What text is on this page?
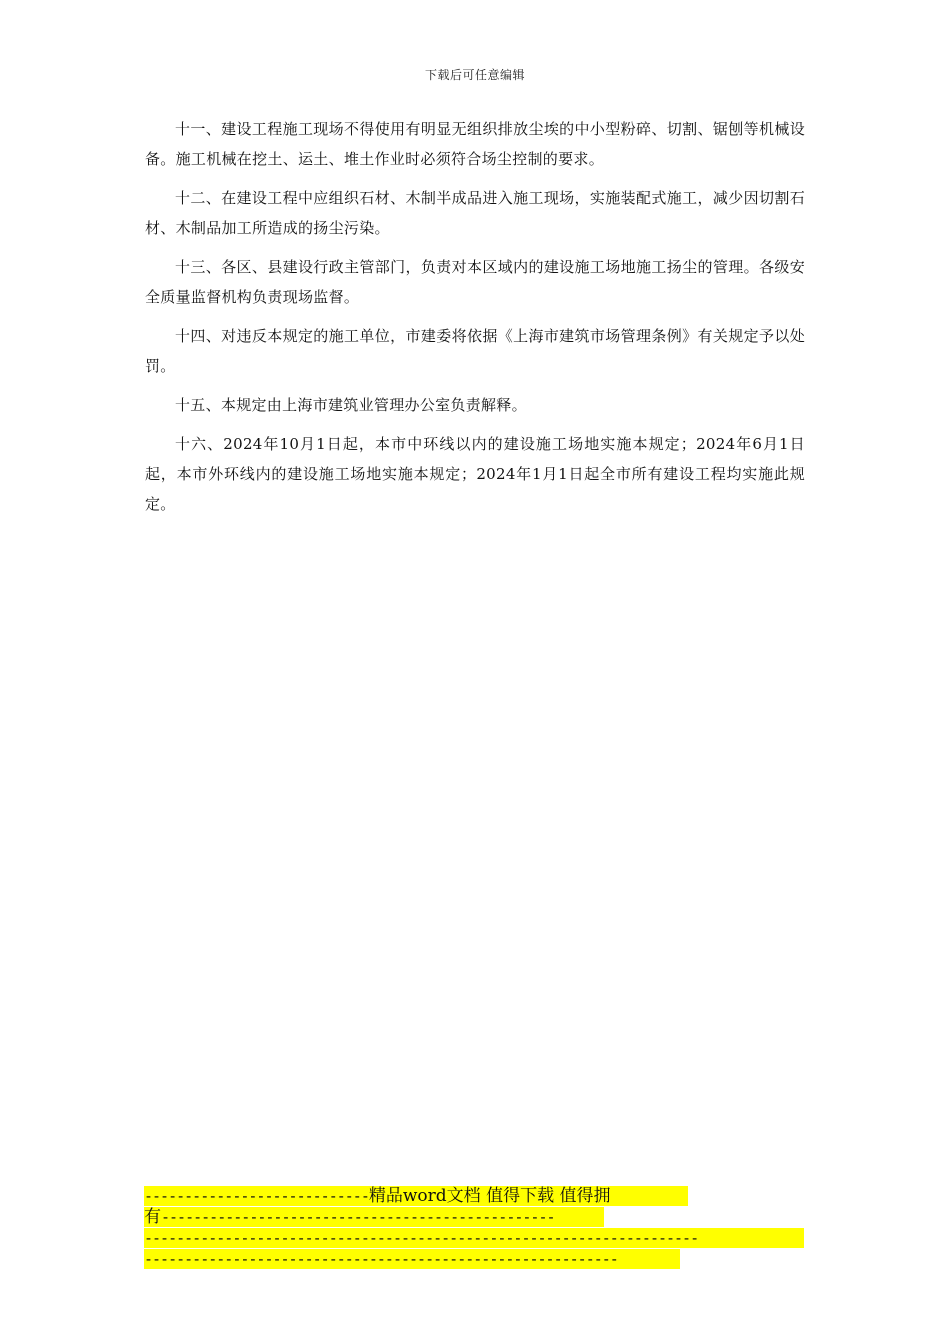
下载后可任意编辑

十一、建设工程施工现场不得使用有明显无组织排放尘埃的中小型粉碎、切割、锯刨等机械设备。施工机械在挖土、运土、堆土作业时必须符合场尘控制的要求。

十二、在建设工程中应组织石材、木制半成品进入施工现场，实施装配式施工，减少因切割石材、木制品加工所造成的扬尘污染。

十三、各区、县建设行政主管部门，负责对本区域内的建设施工场地施工扬尘的管理。各级安全质量监督机构负责现场监督。

十四、对违反本规定的施工单位，市建委将依据《上海市建筑市场管理条例》有关规定予以处罚。

十五、本规定由上海市建筑业管理办公室负责解释。

十六、2024年10月1日起，本市中环线以内的建设施工场地实施本规定；2024年6月1日起，本市外环线内的建设施工场地实施本规定；2024年1月1日起全市所有建设工程均实施此规定。

----------------------------精品word文档 值得下载 值得拥
有-------------------------------------------------
---------------------------------------------------------------------
-----------------------------------------------------------
